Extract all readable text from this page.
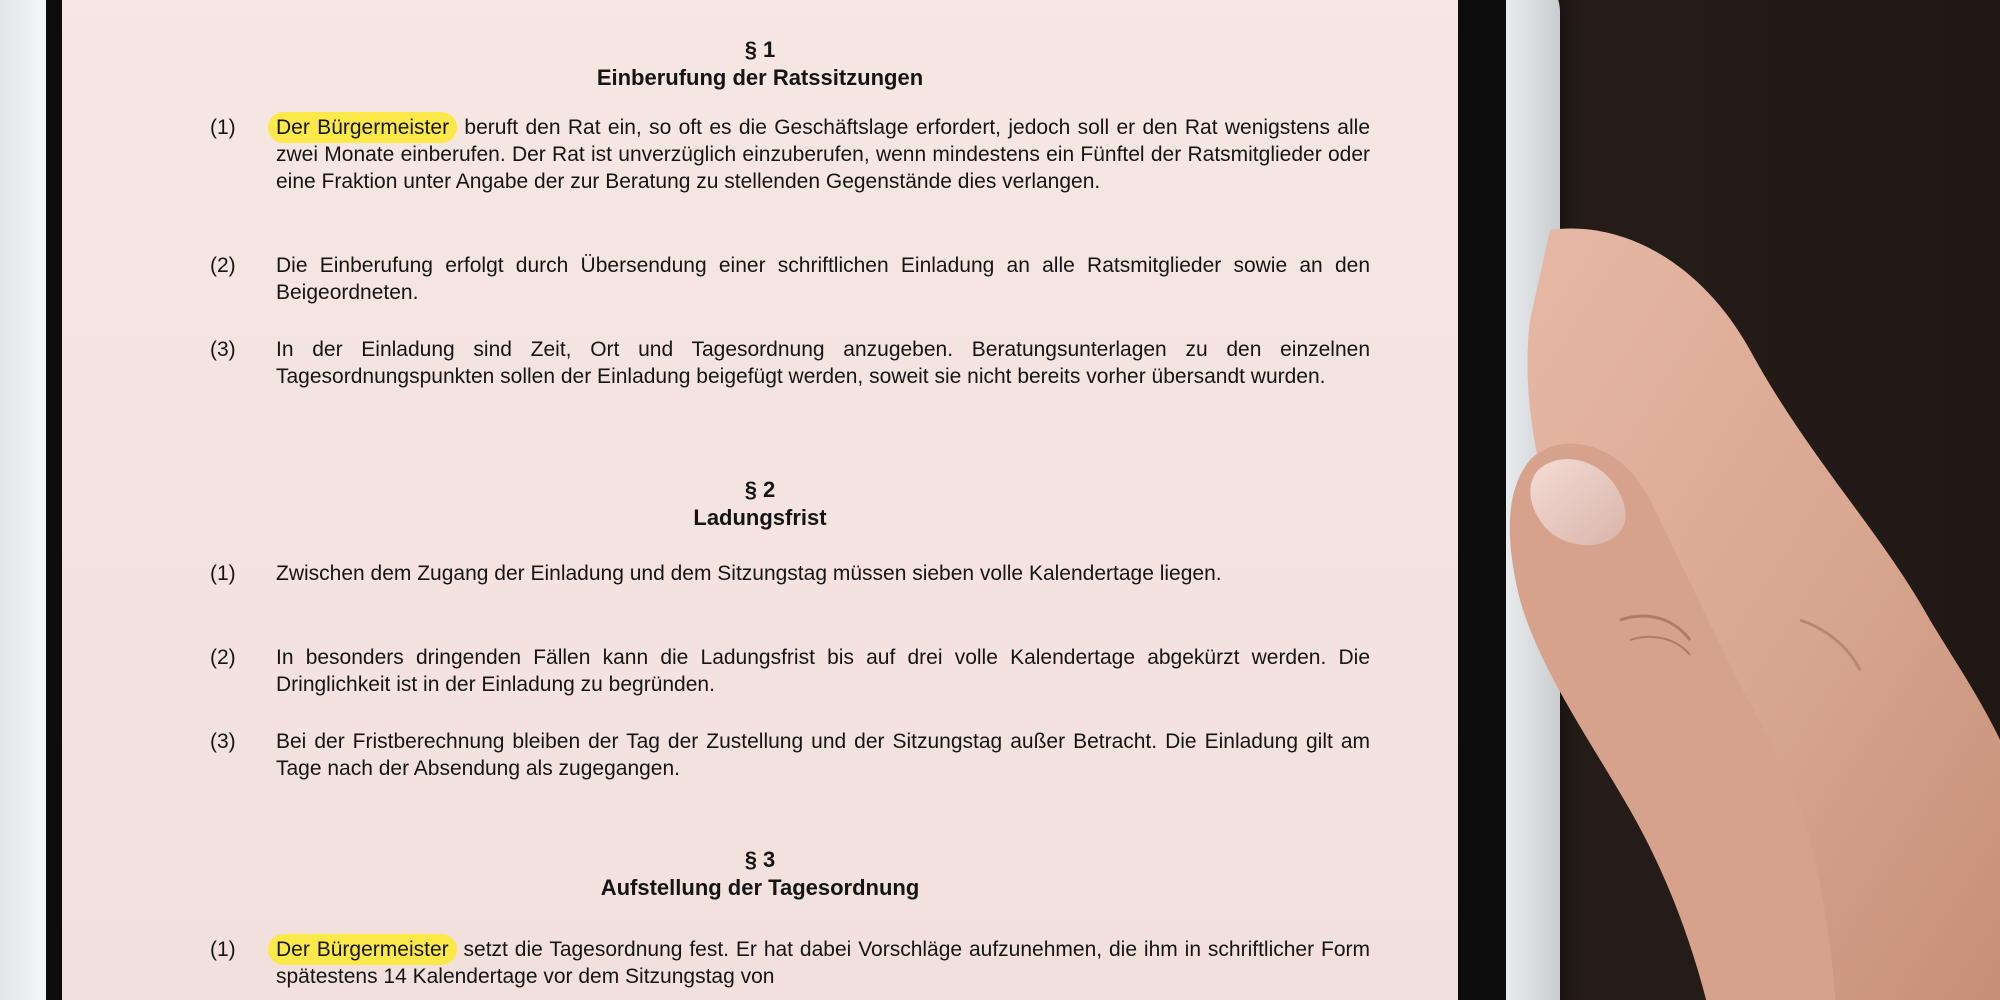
§ 1
Einberufung der Ratssitzungen
(1) Der Bürgermeister beruft den Rat ein, so oft es die Geschäftslage erfordert, jedoch soll er den Rat wenigstens alle zwei Monate einberufen. Der Rat ist unverzüglich einzuberufen, wenn mindestens ein Fünftel der Ratsmitglieder oder eine Fraktion unter Angabe der zur Beratung zu stellenden Gegenstände dies verlangen.
(2) Die Einberufung erfolgt durch Übersendung einer schriftlichen Einladung an alle Ratsmitglieder sowie an den Beigeordneten.
(3) In der Einladung sind Zeit, Ort und Tagesordnung anzugeben. Beratungsunterlagen zu den einzelnen Tagesordnungspunkten sollen der Einladung beigefügt werden, soweit sie nicht bereits vorher übersandt wurden.
§ 2
Ladungsfrist
(1) Zwischen dem Zugang der Einladung und dem Sitzungstag müssen sieben volle Kalendertage liegen.
(2) In besonders dringenden Fällen kann die Ladungsfrist bis auf drei volle Kalendertage abgekürzt werden. Die Dringlichkeit ist in der Einladung zu begründen.
(3) Bei der Fristberechnung bleiben der Tag der Zustellung und der Sitzungstag außer Betracht. Die Einladung gilt am Tage nach der Absendung als zugegangen.
§ 3
Aufstellung der Tagesordnung
(1) Der Bürgermeister setzt die Tagesordnung fest. Er hat dabei Vorschläge aufzunehmen, die ihm in schriftlicher Form spätestens 14 Kalendertage vor dem Sitzungstag von
